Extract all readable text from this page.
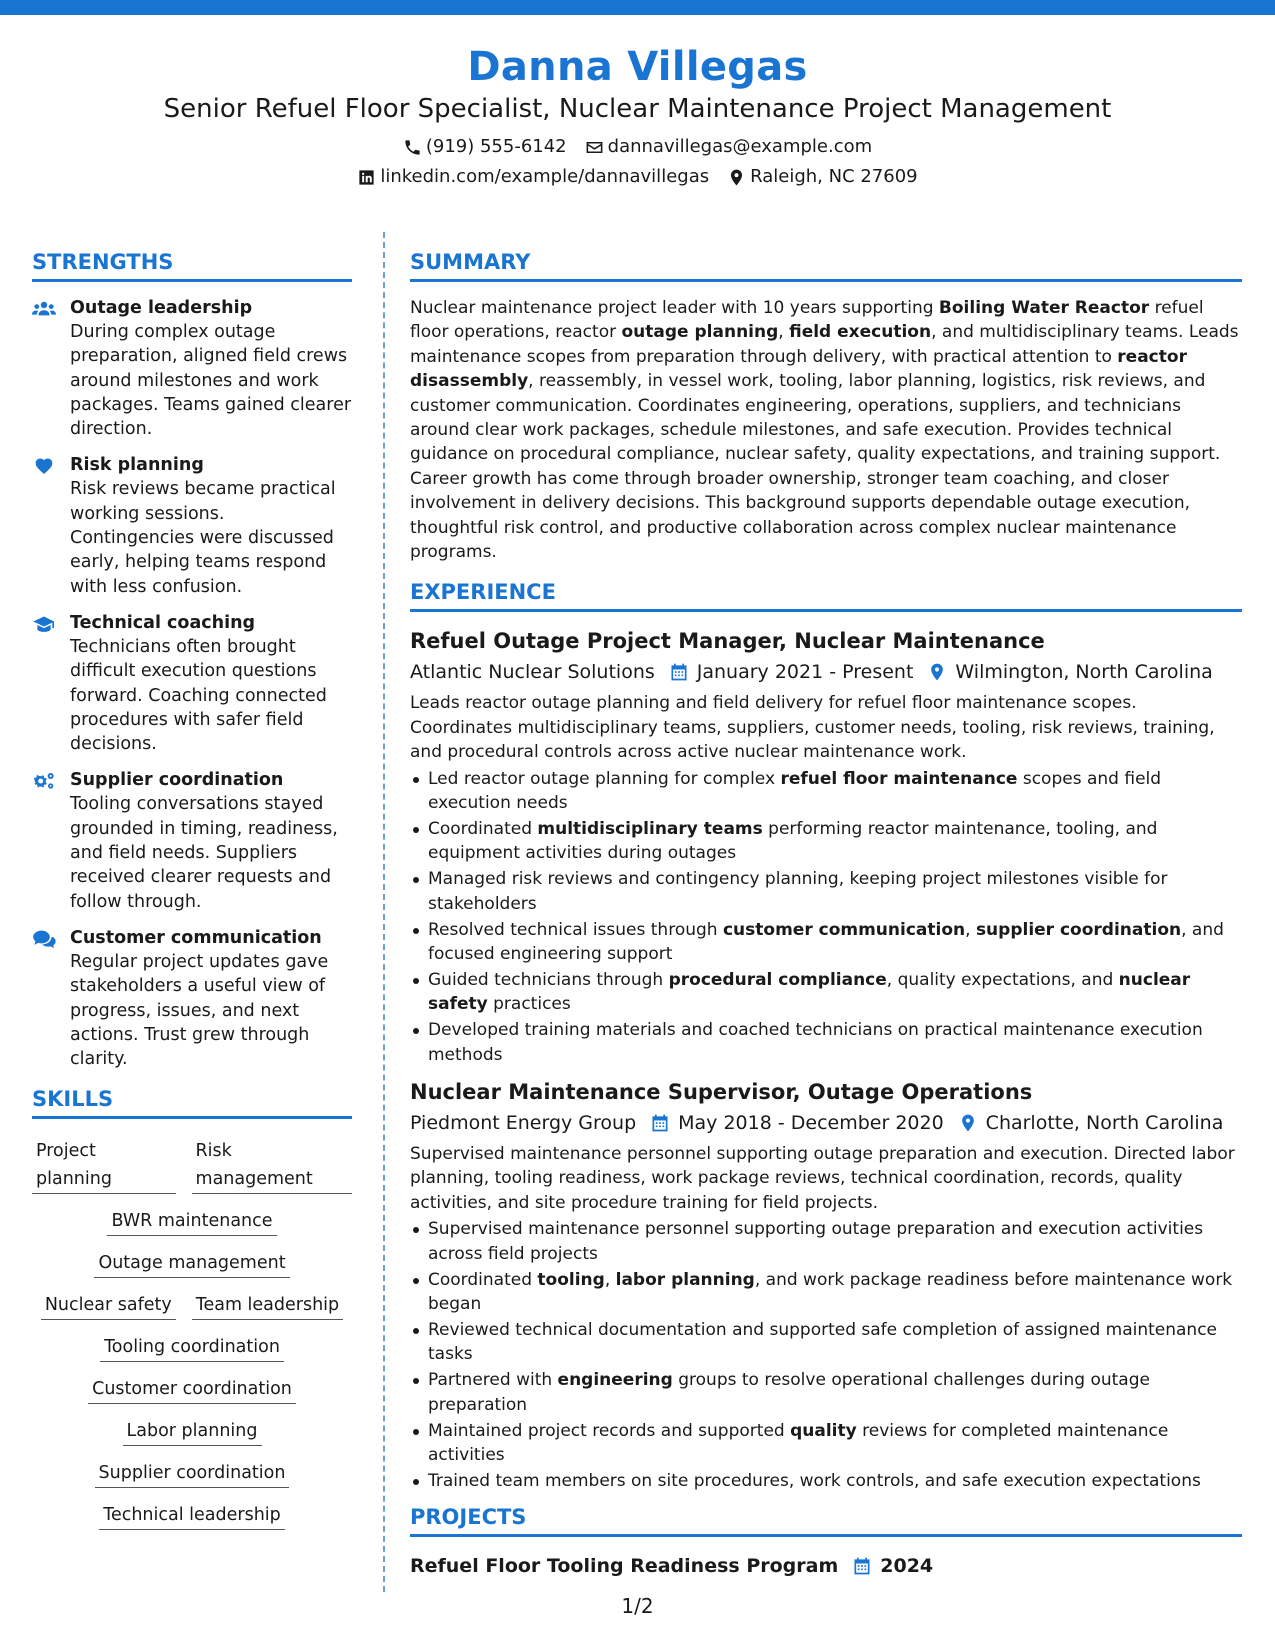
Danna Villegas
Senior Refuel Floor Specialist, Nuclear Maintenance Project Management
(919) 555-6142 dannavillegas@example.com
linkedin.com/example/dannavillegas Raleigh, NC 27609
STRENGTHS
Outage leadership
During complex outage preparation, aligned field crews around milestones and work packages. Teams gained clearer direction.
Risk planning
Risk reviews became practical working sessions. Contingencies were discussed early, helping teams respond with less confusion.
Technical coaching
Technicians often brought difficult execution questions forward. Coaching connected procedures with safer field decisions.
Supplier coordination
Tooling conversations stayed grounded in timing, readiness, and field needs. Suppliers received clearer requests and follow through.
Customer communication
Regular project updates gave stakeholders a useful view of progress, issues, and next actions. Trust grew through clarity.
SKILLS
Project planning
Risk management
BWR maintenance
Outage management
Nuclear safety Team leadership
Tooling coordination
Customer coordination
Labor planning
Supplier coordination
Technical leadership
SUMMARY

Nuclear maintenance project leader with 10 years supporting Boiling Water Reactor refuel floor operations, reactor outage planning, field execution, and multidisciplinary teams. Leads maintenance scopes from preparation through delivery, with practical attention to reactor disassembly, reassembly, in vessel work, tooling, labor planning, logistics, risk reviews, and customer communication. Coordinates engineering, operations, suppliers, and technicians around clear work packages, schedule milestones, and safe execution. Provides technical guidance on procedural compliance, nuclear safety, quality expectations, and training support. Career growth has come through broader ownership, stronger team coaching, and closer involvement in delivery decisions. This background supports dependable outage execution, thoughtful risk control, and productive collaboration across complex nuclear maintenance programs.

EXPERIENCE
Refuel Outage Project Manager, Nuclear Maintenance
Atlantic Nuclear Solutions January 2021 - Present Wilmington, North Carolina
Leads reactor outage planning and field delivery for refuel floor maintenance scopes. Coordinates multidisciplinary teams, suppliers, customer needs, tooling, risk reviews, training, and procedural controls across active nuclear maintenance work.
Led reactor outage planning for complex refuel floor maintenance scopes and field execution needs
Coordinated multidisciplinary teams performing reactor maintenance, tooling, and equipment activities during outages
Managed risk reviews and contingency planning, keeping project milestones visible for stakeholders
Resolved technical issues through customer communication, supplier coordination, and focused engineering support
Guided technicians through procedural compliance, quality expectations, and nuclear safety practices
Developed training materials and coached technicians on practical maintenance execution methods
Nuclear Maintenance Supervisor, Outage Operations
Piedmont Energy Group May 2018 - December 2020 Charlotte, North Carolina
Supervised maintenance personnel supporting outage preparation and execution. Directed labor planning, tooling readiness, work package reviews, technical coordination, records, quality activities, and site procedure training for field projects.
Supervised maintenance personnel supporting outage preparation and execution activities across field projects
Coordinated tooling, labor planning, and work package readiness before maintenance work began
Reviewed technical documentation and supported safe completion of assigned maintenance tasks
Partnered with engineering groups to resolve operational challenges during outage preparation
Maintained project records and supported quality reviews for completed maintenance activities
Trained team members on site procedures, work controls, and safe execution expectations
PROJECTS
Refuel Floor Tooling Readiness Program 2024
1/2
